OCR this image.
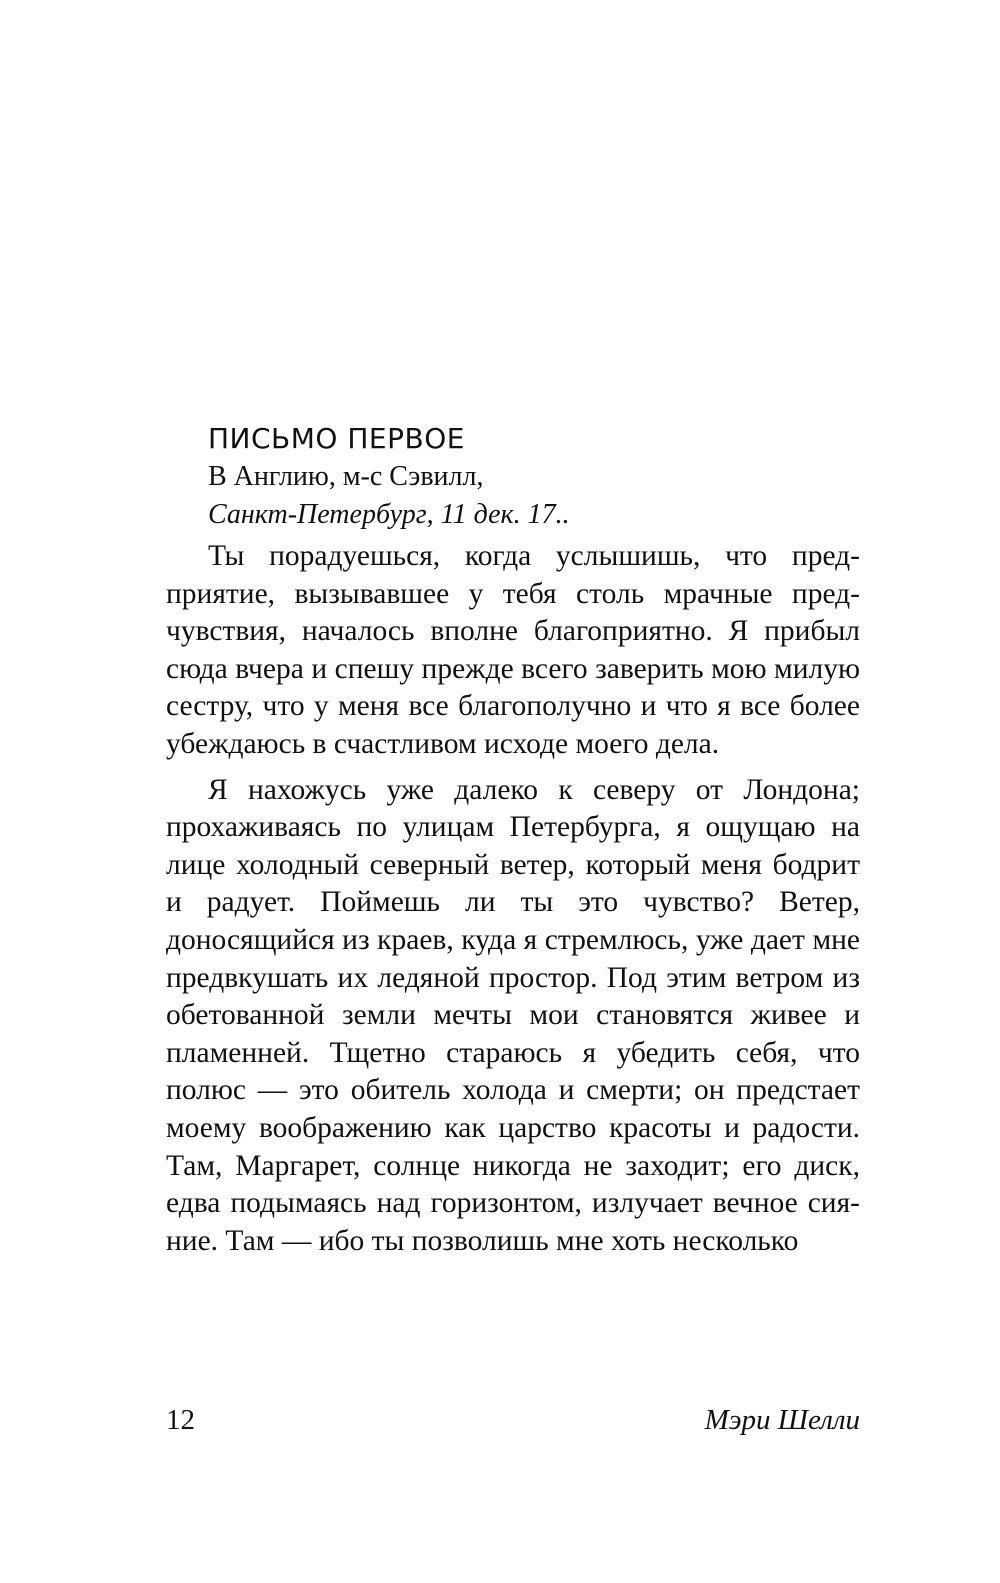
ПИСЬМО ПЕРВОЕ
В Англию, м-с Сэвилл,
Санкт-Петербург, 11 дек. 17..

Ты порадуешься, когда услышишь, что предприятие, вызывавшее у тебя столь мрачные предчувствия, началось вполне благоприятно. Я прибыл сюда вчера и спешу прежде всего заверить мою милую сестру, что у меня все благополучно и что я все более убеждаюсь в счастливом исходе моего дела.

Я нахожусь уже далеко к северу от Лондона; прохаживаясь по улицам Петербурга, я ощущаю на лице холодный северный ветер, который меня бодрит и радует. Поймешь ли ты это чувство? Ветер, доносящийся из краев, куда я стремлюсь, уже дает мне предвкушать их ледяной простор. Под этим ветром из обетованной земли мечты мои становятся живее и пламенней. Тщетно стараюсь я убедить себя, что полюс — это обитель холода и смерти; он предстает моему воображению как царство красоты и радости. Там, Маргарет, солнце никогда не заходит; его диск, едва подымаясь над горизонтом, излучает вечное сияние. Там — ибо ты позволишь мне хоть несколько

12	Мэри Шелли
